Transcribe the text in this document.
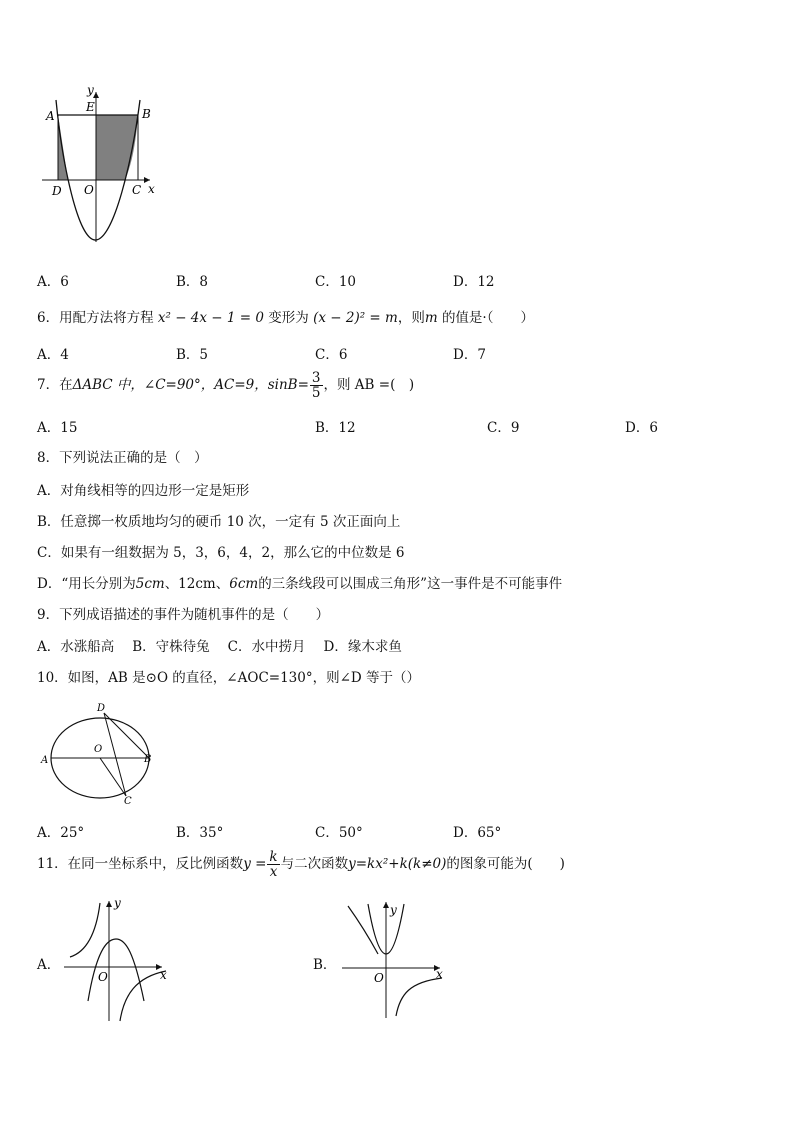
y
E
A	B
D O	C x
A．6	B．8	C．10	D．12
6．用配方法将方程 x² − 4x − 1 = 0 变形为 (x − 2)² = m，则m 的值是·（　　）
A．4	B．5	C．6	D．7
7．在ΔABC 中，∠C=90°，AC=9，$\sin B= \frac{3}{5}$ ，则 AB =(　)
A．15	B．12	C．9	D．6
8．下列说法正确的是（　）
A．对角线相等的四边形一定是矩形
B．任意掷一枚质地均匀的硬币 10 次，一定有 5 次正面向上
C．如果有一组数据为 5，3，6，4，2，那么它的中位数是 6
D．“用长分别为5cm、12cm、6cm的三条线段可以围成三角形”这一事件是不可能事件
9．下列成语描述的事件为随机事件的是（　　）
A．水涨船高 B．守株待兔 C．水中捞月 D．缘木求鱼
10．如图，AB 是⊙O 的直径，∠AOC=130°，则∠D 等于（）
D
O
A	B
C
A．25°	B．35°	C．50°	D．65°
11．在同一坐标系中，反比例函数$y = \frac{k}{x}$ 与二次函数y=kx²+k(k≠0)的图象可能为(　　)
A．
y
O	x
B．
y
O	x
